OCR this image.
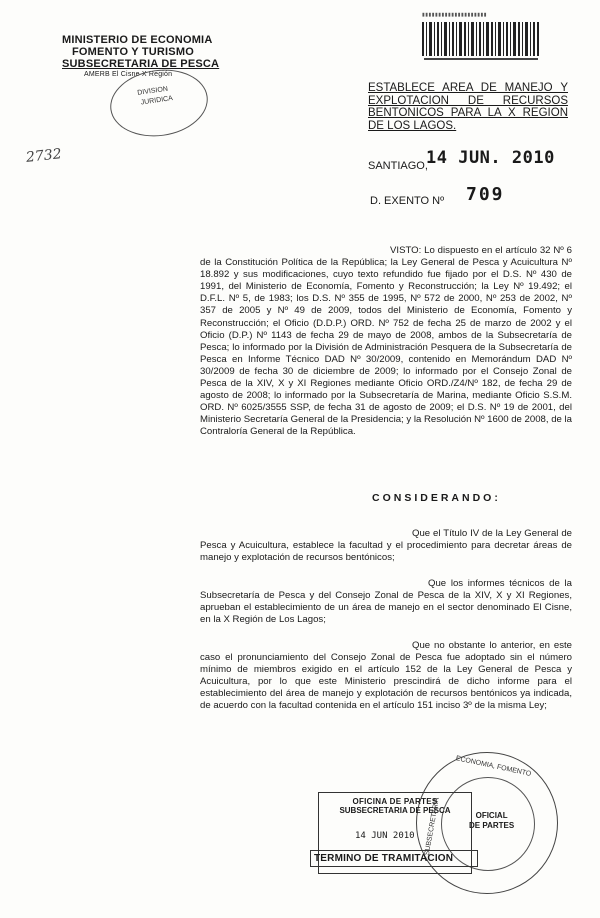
▮▮▮▮▮▮▮▮▮▮▮▮▮▮▮▮▮▮▮▮
MINISTERIO DE ECONOMIA
FOMENTO Y TURISMO
SUBSECRETARIA DE PESCA
AMERB El Cisne X Región
DIVISION
JURIDICA
2732
ESTABLECE AREA DE MANEJO Y EXPLOTACION DE RECURSOS BENTONICOS PARA LA X REGION DE LOS LAGOS.
SANTIAGO,
14 JUN. 2010
D. EXENTO Nº 709
VISTO: Lo dispuesto en el artículo 32 Nº 6 de la Constitución Política de la República; la Ley General de Pesca y Acuicultura Nº 18.892 y sus modificaciones, cuyo texto refundido fue fijado por el D.S. Nº 430 de 1991, del Ministerio de Economía, Fomento y Reconstrucción; la Ley Nº 19.492; el D.F.L. Nº 5, de 1983; los D.S. Nº 355 de 1995, Nº 572 de 2000, Nº 253 de 2002, Nº 357 de 2005 y Nº 49 de 2009, todos del Ministerio de Economía, Fomento y Reconstrucción; el Oficio (D.D.P.) ORD. Nº 752 de fecha 25 de marzo de 2002 y el Oficio (D.P.) Nº 1143 de fecha 29 de mayo de 2008, ambos de la Subsecretaría de Pesca; lo informado por la División de Administración Pesquera de la Subsecretaría de Pesca en Informe Técnico DAD Nº 30/2009, contenido en Memorándum DAD Nº 30/2009 de fecha 30 de diciembre de 2009; lo informado por el Consejo Zonal de Pesca de la XIV, X y XI Regiones mediante Oficio ORD./Z4/Nº 182, de fecha 29 de agosto de 2008; lo informado por la Subsecretaría de Marina, mediante Oficio S.S.M. ORD. Nº 6025/3555 SSP, de fecha 31 de agosto de 2009; el D.S. Nº 19 de 2001, del Ministerio Secretaría General de la Presidencia; y la Resolución Nº 1600 de 2008, de la Contraloría General de la República.
CONSIDERANDO:
Que el Título IV de la Ley General de Pesca y Acuicultura, establece la facultad y el procedimiento para decretar áreas de manejo y explotación de recursos bentónicos;
Que los informes técnicos de la Subsecretaría de Pesca y del Consejo Zonal de Pesca de la XIV, X y XI Regiones, aprueban el establecimiento de un área de manejo en el sector denominado El Cisne, en la X Región de Los Lagos;
Que no obstante lo anterior, en este caso el pronunciamiento del Consejo Zonal de Pesca fue adoptado sin el número mínimo de miembros exigido en el artículo 152 de la Ley General de Pesca y Acuicultura, por lo que este Ministerio prescindirá de dicho informe para el establecimiento del área de manejo y explotación de recursos bentónicos ya indicada, de acuerdo con la facultad contenida en el artículo 151 inciso 3º de la misma Ley;
ECONOMIA, FOMENTO
SUBSECRETARIA	OFICIAL
DE PARTES
OFICINA DE PARTES
SUBSECRETARIA DE PESCA
14 JUN 2010
TERMINO DE TRAMITACION
